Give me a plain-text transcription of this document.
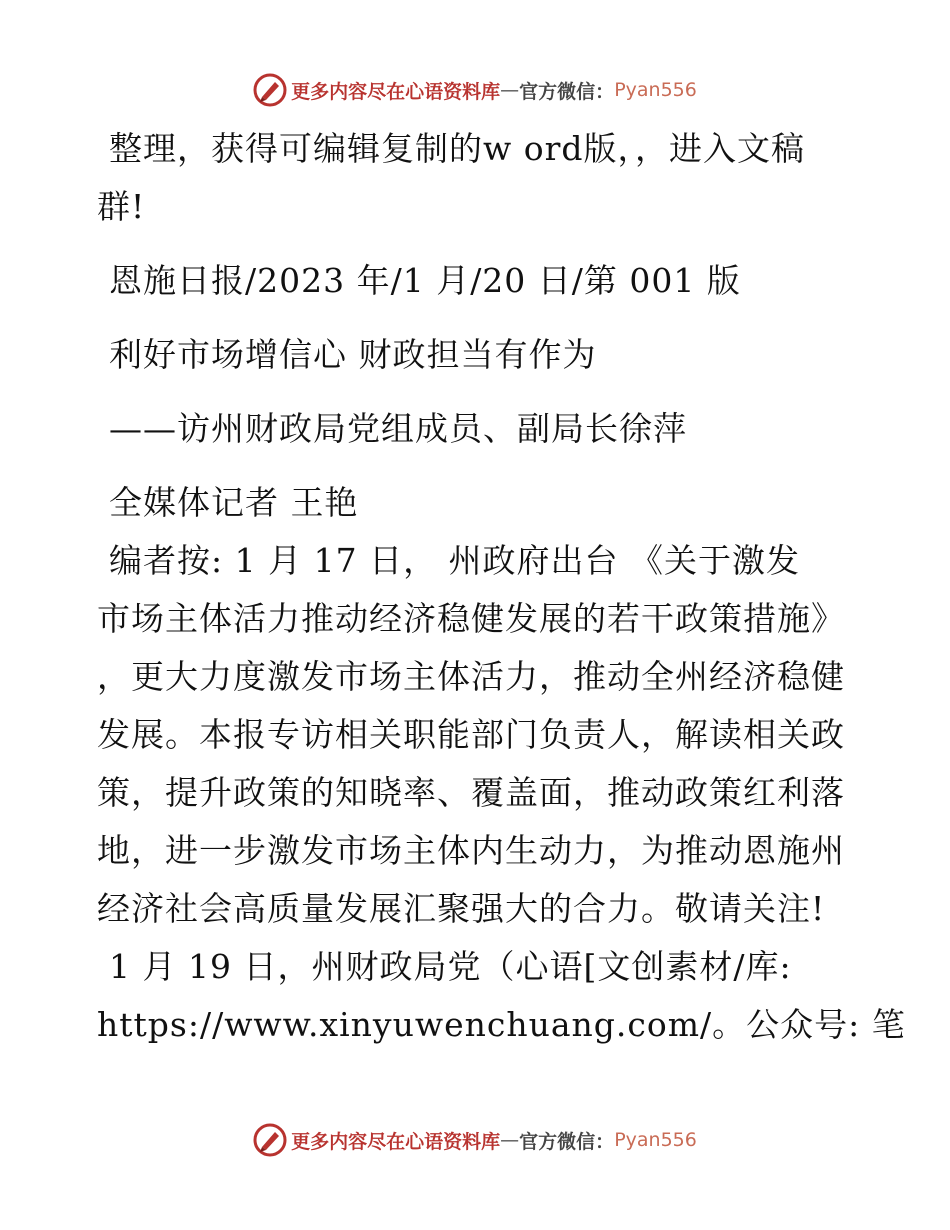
更多内容尽在心语资料库 — 官方微信： Pyan556

整理，获得可编辑复制的w ord版，，进入文稿

群!

恩施日报/2023 年/1 月/20 日/第 001 版

利好市场增信心 财政担当有作为

——访州财政局党组成员、副局长徐萍

全媒体记者 王艳

编者按: 1 月 17 日， 州政府出台 《关于激发
市场主体活力推动经济稳健发展的若干政策措施》
，更大力度激发市场主体活力，推动全州经济稳健
发展。本报专访相关职能部门负责人，解读相关政
策，提升政策的知晓率、覆盖面，推动政策红利落
地，进一步激发市场主体内生动力，为推动恩施州
经济社会高质量发展汇聚强大的合力。敬请关注!
1 月 19 日，州财政局党（心语[文创素材/库:
https://www.xinyuwenchuang.com/。公众号: 笔
更多内容尽在心语资料库 — 官方微信： Pyan556
